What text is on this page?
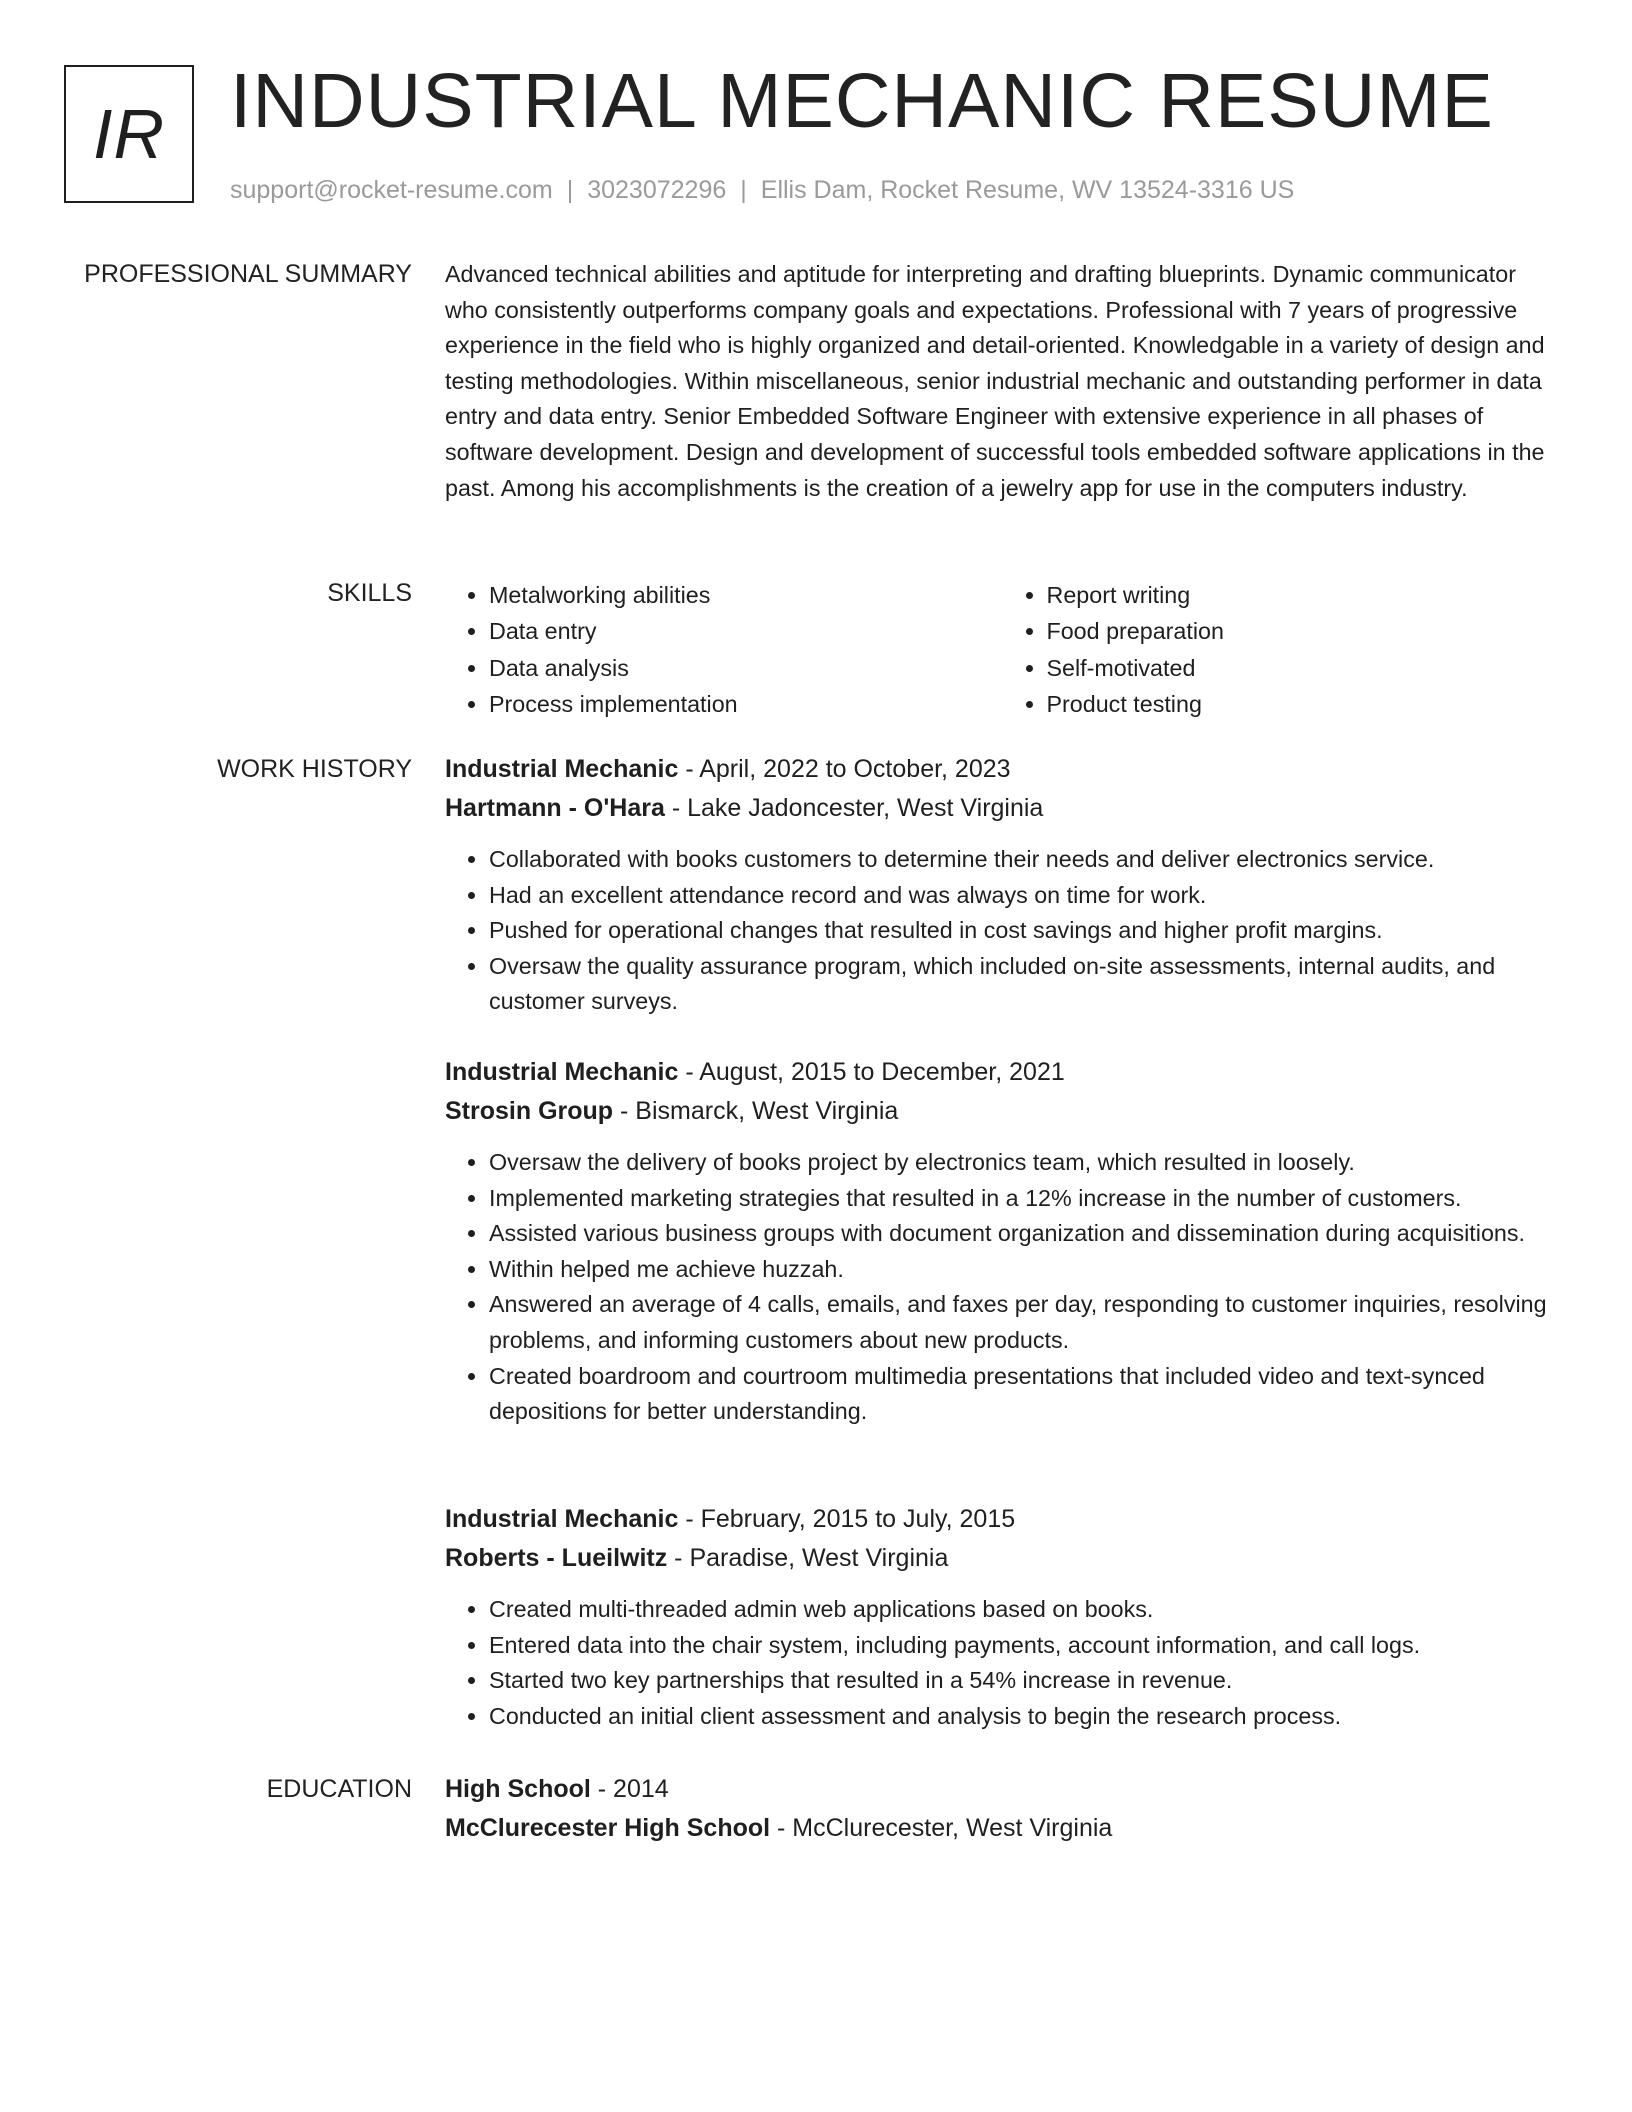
IR INDUSTRIAL MECHANIC RESUME
support@rocket-resume.com | 3023072296 | Ellis Dam, Rocket Resume, WV 13524-3316 US
PROFESSIONAL SUMMARY Advanced technical abilities and aptitude for interpreting and drafting blueprints. Dynamic communicator who consistently outperforms company goals and expectations. Professional with 7 years of progressive experience in the field who is highly organized and detail-oriented. Knowledgable in a variety of design and testing methodologies. Within miscellaneous, senior industrial mechanic and outstanding performer in data entry and data entry. Senior Embedded Software Engineer with extensive experience in all phases of software development. Design and development of successful tools embedded software applications in the past. Among his accomplishments is the creation of a jewelry app for use in the computers industry.

SKILLS
•	Metalworking abilities
• Data entry
• Data analysis
• Process implementation
• Report writing
• Food preparation
• Self-motivated
• Product testing
WORK HISTORY Industrial Mechanic - April, 2022 to October, 2023
Hartmann - O'Hara - Lake Jadoncester, West Virginia
• Collaborated with books customers to determine their needs and deliver electronics service.
• Had an excellent attendance record and was always on time for work.
• Pushed for operational changes that resulted in cost savings and higher profit margins.
• Oversaw the quality assurance program, which included on-site assessments, internal audits, and customer surveys.
Industrial Mechanic - August, 2015 to December, 2021
Strosin Group - Bismarck, West Virginia
• Oversaw the delivery of books project by electronics team, which resulted in loosely.
• Implemented marketing strategies that resulted in a 12% increase in the number of customers.
• Assisted various business groups with document organization and dissemination during acquisitions.
• Within helped me achieve huzzah.
• Answered an average of 4 calls, emails, and faxes per day, responding to customer inquiries, resolving problems, and informing customers about new products.
• Created boardroom and courtroom multimedia presentations that included video and text-synced depositions for better understanding.
Industrial Mechanic - February, 2015 to July, 2015
Roberts - Lueilwitz - Paradise, West Virginia
• Created multi-threaded admin web applications based on books.
• Entered data into the chair system, including payments, account information, and call logs.
• Started two key partnerships that resulted in a 54% increase in revenue.
• Conducted an initial client assessment and analysis to begin the research process.
EDUCATION High School - 2014
McClurecester High School - McClurecester, West Virginia
